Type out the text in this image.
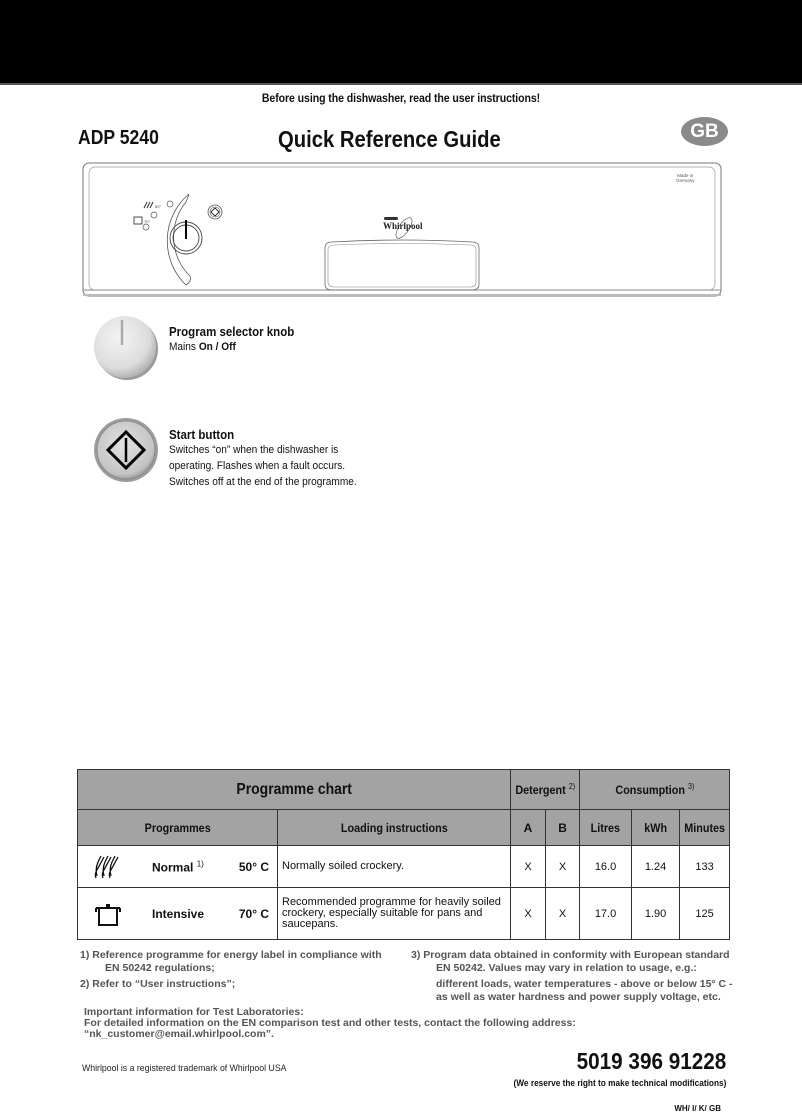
Before using the dishwasher, read the user instructions!
ADP 5240	Quick Reference Guide	GB
50°
70°
Made in
Germany
Whirlpool
Program selector knob
Mains On / Off
Start button
Switches “on” when the dishwasher is
operating. Flashes when a fault occurs.
Switches off at the end of the programme.
Programme chart		Detergent $^{2)}$		Consumption $^{3)}$
Programmes	Loading instructions	A	B	Litres	kWh	Minutes

Normal $^{1)}$ 50° C	Normally soiled crockery.	X	X	16.0	1.24	133

Intensive 70° C	Recommended programme for heavily soiled crockery, especially suitable for pans and saucepans.	X	X	17.0	1.90	125
1) Reference programme for energy label in compliance with
EN 50242 regulations;
2) Refer to “User instructions”;
3) Program data obtained in conformity with European standard
EN 50242. Values may vary in relation to usage, e.g.:
different loads, water temperatures - above or below 15° C -
as well as water hardness and power supply voltage, etc.
Important information for Test Laboratories:
For detailed information on the EN comparison test and other tests, contact the following address:
“nk_customer@email.whirlpool.com”.
Whirlpool is a registered trademark of Whirlpool USA	5019 396 91228
(We reserve the right to make technical modifications)
WH/ I/ K/ GB
